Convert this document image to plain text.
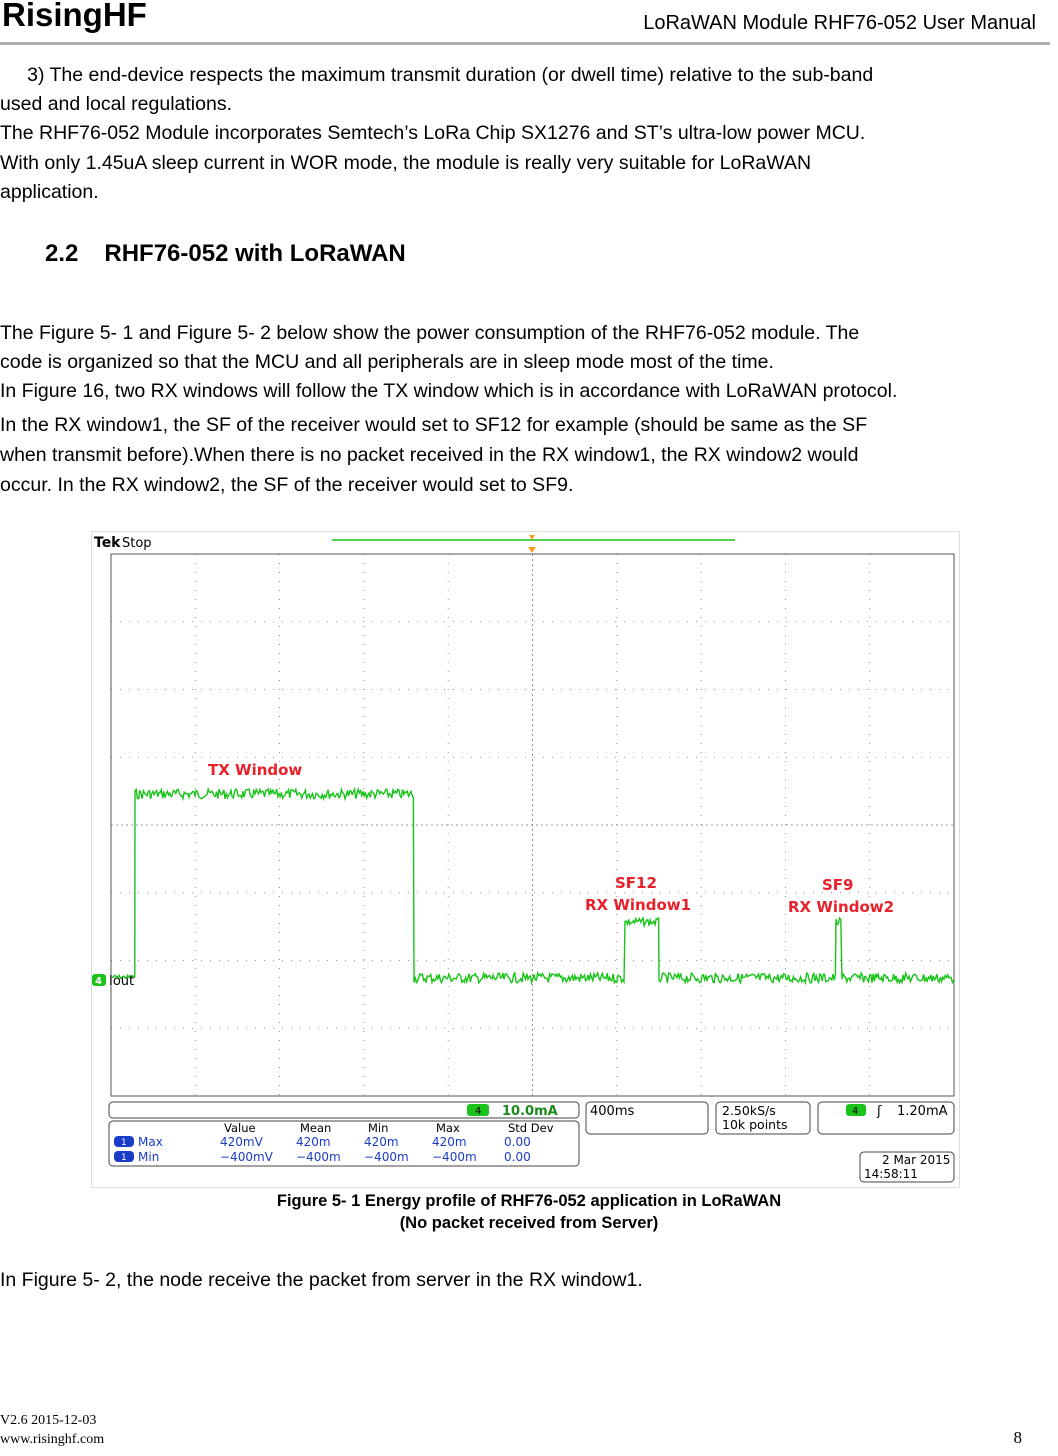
RisingHF	LoRaWAN Module RHF76-052 User Manual

3) The end-device respects the maximum transmit duration (or dwell time) relative to the sub-band

used and local regulations.

The RHF76-052 Module incorporates Semtech’s LoRa Chip SX1276 and ST’s ultra-low power MCU.

With only 1.45uA sleep current in WOR mode, the module is really very suitable for LoRaWAN

application.

2.2 RHF76-052 with LoRaWAN

The Figure 5- 1 and Figure 5- 2 below show the power consumption of the RHF76-052 module. The

code is organized so that the MCU and all peripherals are in sleep mode most of the time.

In Figure 16, two RX windows will follow the TX window which is in accordance with LoRaWAN protocol.

In the RX window1, the SF of the receiver would set to SF12 for example (should be same as the SF

when transmit before).When there is no packet received in the RX window1, the RX window2 would

occur. In the RX window2, the SF of the receiver would set to SF9.

Tek Stop
4 Iout
TX Window
SF12
RX Window1
SF9
RX Window2
4 10.0mA 400ms	2.50kS/s
10k points
4 ʃ 1.20mA
Value	Mean	Min	Max	Std Dev
1 Max	420mV	420m	420m	420m	0.00
1 Min	−400mV −400m −400m −400m 0.00	2 Mar 2015
14:58:11
Figure 5- 1 Energy profile of RHF76-052 application in LoRaWAN
(No packet received from Server)

In Figure 5- 2, the node receive the packet from server in the RX window1.

V2.6 2015-12-03
www.risinghf.com	8
